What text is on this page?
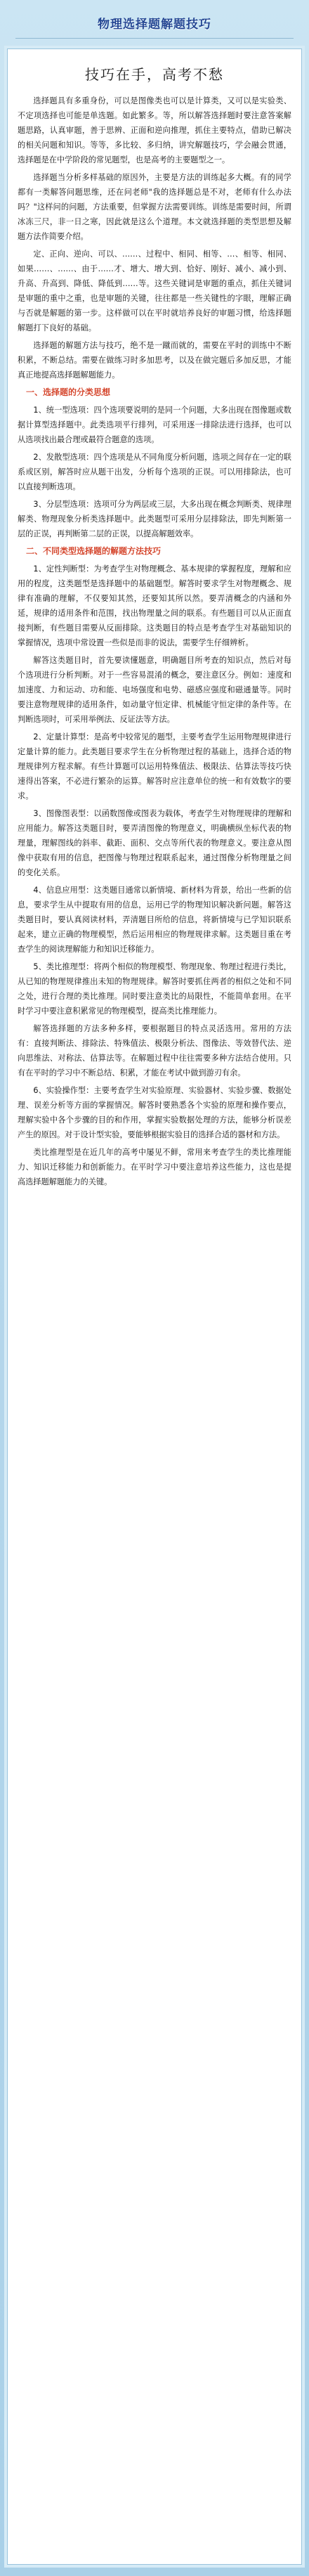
物理选择题解题技巧
技巧在手，高考不愁

选择题具有多重身份，可以是图像类也可以是计算类，又可以是实验类、不定项选择也可能是单选题。如此繁多。等，所以解答选择题时要注意答案解题思路，认真审题，善于思辨、正面和逆向推理，抓住主要特点，借助已解决的相关问题和知识。等等，多比较、多归纳，讲究解题技巧，学会融会贯通，选择题是在中学阶段的常见题型，也是高考的主要题型之一。

选择题当分析多样基础的原因外，主要是方法的训练起多大概。有的同学都有一类解答问题思维，还在问老师"我的选择题总是不对，老师有什么办法吗？"这样问的问题，方法重要，但掌握方法需要训练。训练是需要时间，所谓冰冻三尺，非一日之寒，因此就是这么个道理。本文就选择题的类型思想及解题方法作简要介绍。

定、正向、逆向、可以、……、过程中、相同、相等、…、相等、相同、如果……、……、由于……才、增大、增大到、恰好、刚好、减小、减小到、升高、升高到、降低、降低到……等。这些关键词是审题的重点，抓住关键词是审题的重中之重，也是审题的关键，往往都是一些关键性的字眼，理解正确与否就是解题的第一步。这样做可以在平时就培养良好的审题习惯，给选择题解题打下良好的基础。

选择题的解题方法与技巧，绝不是一蹴而就的，需要在平时的训练中不断积累，不断总结。需要在做练习时多加思考，以及在做完题后多加反思，才能真正地提高选择题解题能力。

一、选择题的分类思想

1、统一型选项：四个选项要说明的是同一个问题，大多出现在图像题或数据计算型选择题中。此类选项平行排列，可采用逐一排除法进行选择，也可以从选项找出最合理或最符合题意的选项。

2、发散型选项：四个选项是从不同角度分析问题，选项之间存在一定的联系或区别，解答时应从题干出发，分析每个选项的正误。可以用排除法，也可以直接判断选项。

3、分层型选项：选项可分为两层或三层，大多出现在概念判断类、规律理解类、物理现象分析类选择题中。此类题型可采用分层排除法，即先判断第一层的正误，再判断第二层的正误，以提高解题效率。

二、不同类型选择题的解题方法技巧

1、定性判断型：为考查学生对物理概念、基本规律的掌握程度，理解和应用的程度，这类题型是选择题中的基础题型。解答时要求学生对物理概念、规律有准确的理解，不仅要知其然，还要知其所以然。要弄清概念的内涵和外延，规律的适用条件和范围，找出物理量之间的联系。有些题目可以从正面直接判断，有些题目需要从反面排除。这类题目的特点是考查学生对基础知识的掌握情况，选项中常设置一些似是而非的说法，需要学生仔细辨析。

解答这类题目时，首先要读懂题意，明确题目所考查的知识点，然后对每个选项进行分析判断。对于一些容易混淆的概念，要注意区分。例如：速度和加速度、力和运动、功和能、电场强度和电势、磁感应强度和磁通量等。同时要注意物理规律的适用条件，如动量守恒定律、机械能守恒定律的条件等。在判断选项时，可采用举例法、反证法等方法。

2、定量计算型：是高考中较常见的题型，主要考查学生运用物理规律进行定量计算的能力。此类题目要求学生在分析物理过程的基础上，选择合适的物理规律列方程求解。有些计算题可以运用特殊值法、极限法、估算法等技巧快速得出答案，不必进行繁杂的运算。解答时应注意单位的统一和有效数字的要求。

3、图像图表型：以函数图像或图表为载体，考查学生对物理规律的理解和应用能力。解答这类题目时，要弄清图像的物理意义，明确横纵坐标代表的物理量，理解图线的斜率、截距、面积、交点等所代表的物理意义。要注意从图像中获取有用的信息，把图像与物理过程联系起来，通过图像分析物理量之间的变化关系。

4、信息应用型：这类题目通常以新情境、新材料为背景，给出一些新的信息，要求学生从中提取有用的信息，运用已学的物理知识解决新问题。解答这类题目时，要认真阅读材料，弄清题目所给的信息，将新情境与已学知识联系起来，建立正确的物理模型，然后运用相应的物理规律求解。这类题目重在考查学生的阅读理解能力和知识迁移能力。

5、类比推理型：将两个相似的物理模型、物理现象、物理过程进行类比，从已知的物理规律推出未知的物理规律。解答时要抓住两者的相似之处和不同之处，进行合理的类比推理。同时要注意类比的局限性，不能简单套用。在平时学习中要注意积累常见的物理模型，提高类比推理能力。

解答选择题的方法多种多样，要根据题目的特点灵活选用。常用的方法有：直接判断法、排除法、特殊值法、极限分析法、图像法、等效替代法、逆向思维法、对称法、估算法等。在解题过程中往往需要多种方法结合使用。只有在平时的学习中不断总结、积累，才能在考试中做到游刃有余。

6、实验操作型：主要考查学生对实验原理、实验器材、实验步骤、数据处理、误差分析等方面的掌握情况。解答时要熟悉各个实验的原理和操作要点，理解实验中各个步骤的目的和作用，掌握实验数据处理的方法，能够分析误差产生的原因。对于设计型实验，要能够根据实验目的选择合适的器材和方法。

类比推理型是在近几年的高考中屡见不鲜，常用来考查学生的类比推理能力、知识迁移能力和创新能力。在平时学习中要注意培养这些能力，这也是提高选择题解题能力的关键。
